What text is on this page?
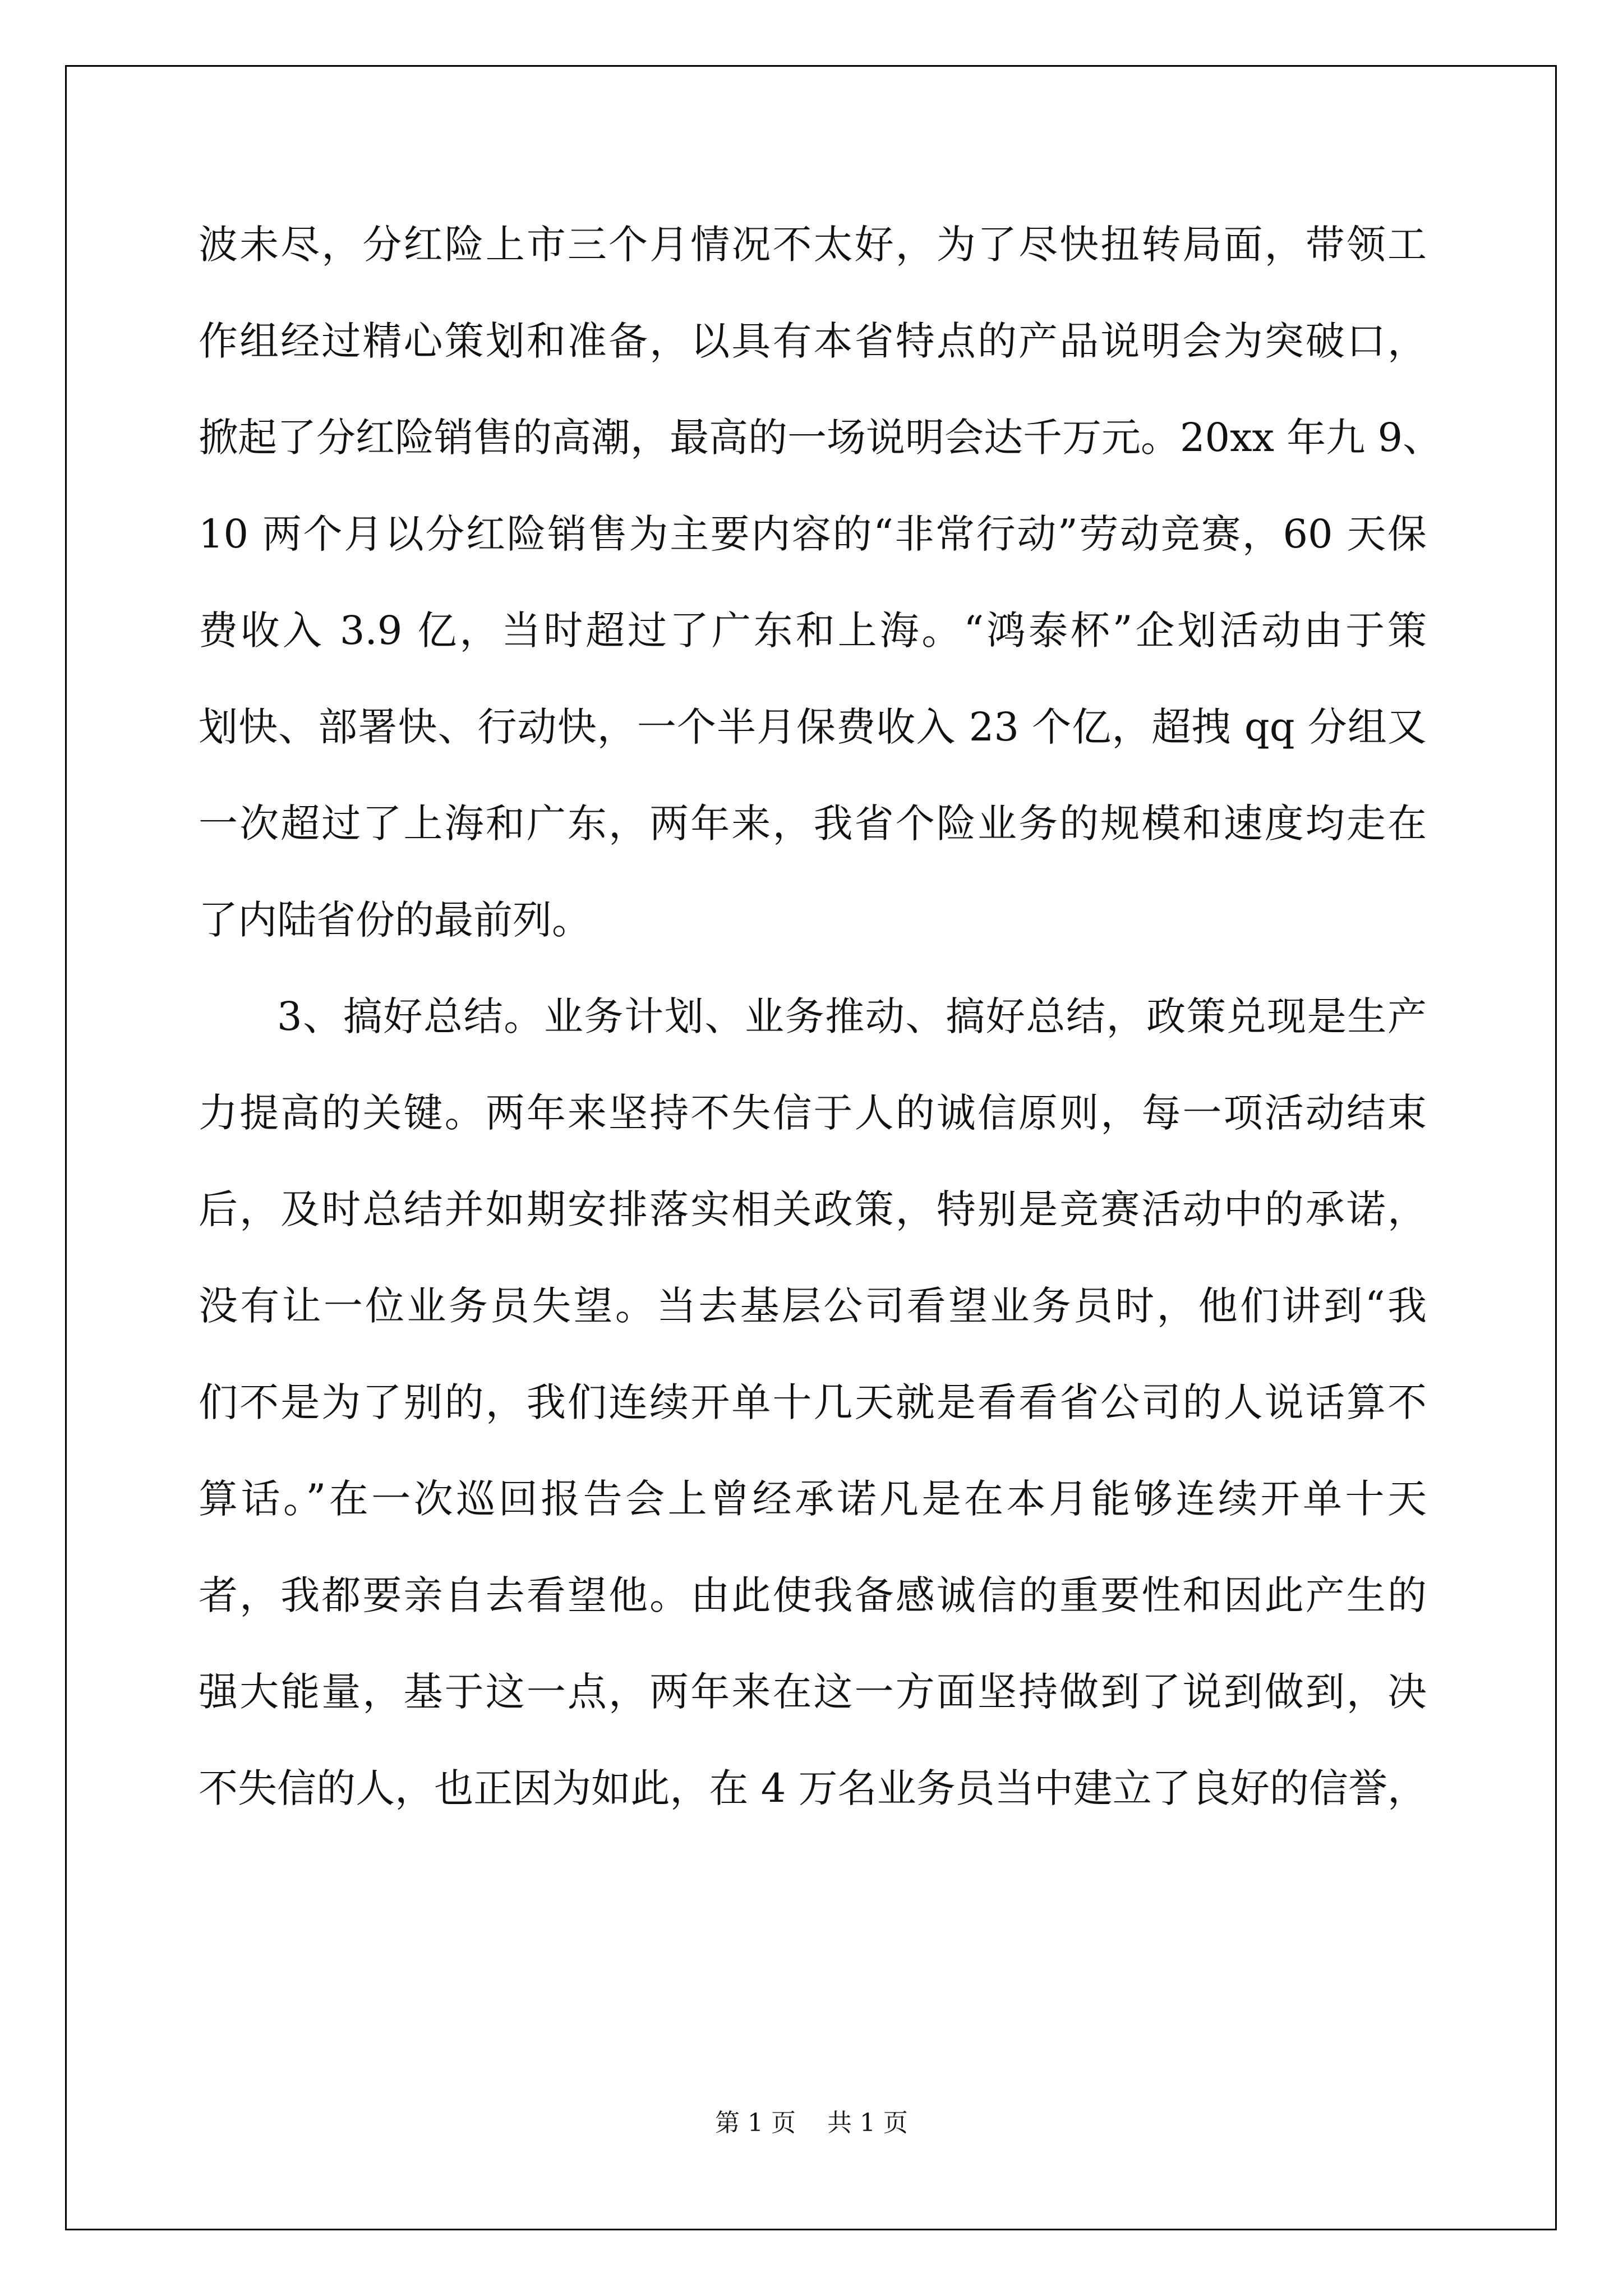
波未尽，分红险上市三个月情况不太好，为了尽快扭转局面，带领工
作组经过精心策划和准备，以具有本省特点的产品说明会为突破口，
掀起了分红险销售的高潮，最高的一场说明会达千万元。20xx 年九 9、
10 两个月以分红险销售为主要内容的“非常行动”劳动竞赛，60 天保
费收入 3.9 亿，当时超过了广东和上海。“鸿泰杯”企划活动由于策
划快、部署快、行动快，一个半月保费收入 23 个亿，超拽 qq 分组又
一次超过了上海和广东，两年来，我省个险业务的规模和速度均走在
了内陆省份的最前列。
3、搞好总结。业务计划、业务推动、搞好总结，政策兑现是生产
力提高的关键。两年来坚持不失信于人的诚信原则，每一项活动结束
后，及时总结并如期安排落实相关政策，特别是竞赛活动中的承诺，
没有让一位业务员失望。当去基层公司看望业务员时，他们讲到“我
们不是为了别的，我们连续开单十几天就是看看省公司的人说话算不
算话。”在一次巡回报告会上曾经承诺凡是在本月能够连续开单十天
者，我都要亲自去看望他。由此使我备感诚信的重要性和因此产生的
强大能量，基于这一点，两年来在这一方面坚持做到了说到做到，决
不失信的人，也正因为如此，在 4 万名业务员当中建立了良好的信誉，
第 1 页    共 1 页
